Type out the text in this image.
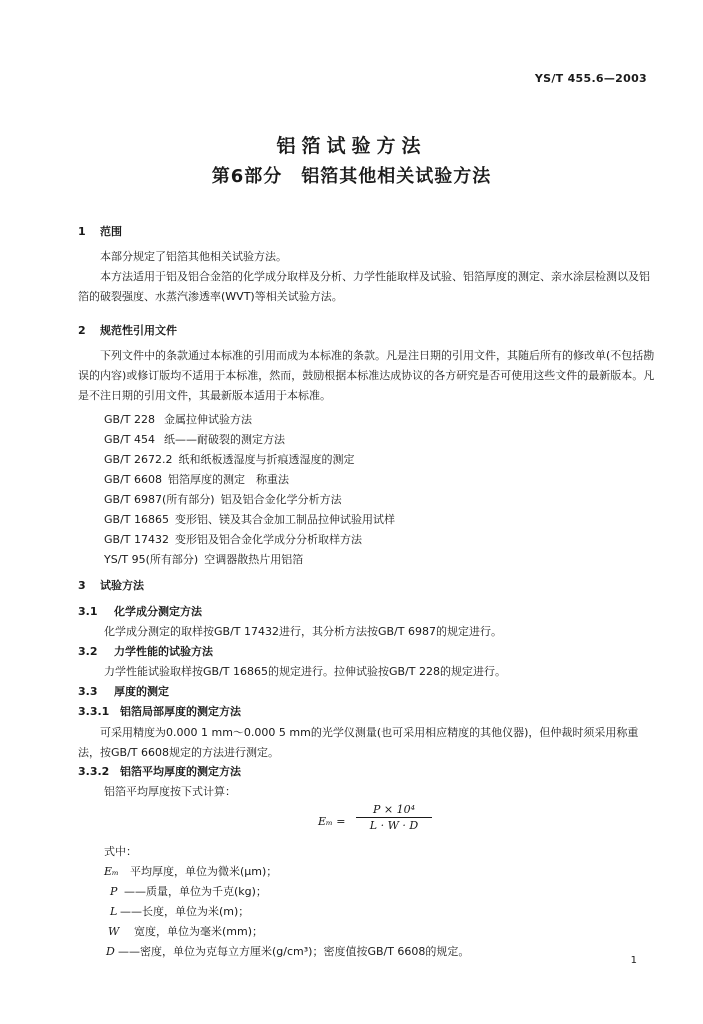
YS/T 455.6—2003
铝箔试验方法
第6部分　铝箔其他相关试验方法
1 范围

本部分规定了铝箔其他相关试验方法。

本方法适用于铝及铝合金箔的化学成分取样及分析、力学性能取样及试验、铝箔厚度的测定、亲水涂层检测以及铝箔的破裂强度、水蒸汽渗透率(WVT)等相关试验方法。

2 规范性引用文件

下列文件中的条款通过本标准的引用而成为本标准的条款。凡是注日期的引用文件，其随后所有的修改单(不包括勘误的内容)或修订版均不适用于本标准，然而，鼓励根据本标准达成协议的各方研究是否可使用这些文件的最新版本。凡是不注日期的引用文件，其最新版本适用于本标准。

GB/T 228 金属拉伸试验方法
GB/T 454 纸——耐破裂的测定方法
GB/T 2672.2 纸和纸板透湿度与折痕透湿度的测定
GB/T 6608 铝箔厚度的测定　称重法
GB/T 6987(所有部分) 铝及铝合金化学分析方法
GB/T 16865 变形铝、镁及其合金加工制品拉伸试验用试样
GB/T 17432 变形铝及铝合金化学成分分析取样方法
YS/T 95(所有部分) 空调器散热片用铝箔
3 试验方法
3.1 化学成分测定方法
化学成分测定的取样按GB/T 17432进行，其分析方法按GB/T 6987的规定进行。
3.2 力学性能的试验方法
力学性能试验取样按GB/T 16865的规定进行。拉伸试验按GB/T 228的规定进行。
3.3 厚度的测定
3.3.1 铝箔局部厚度的测定方法

可采用精度为0.000 1 mm～0.000 5 mm的光学仪测量(也可采用相应精度的其他仪器)，但仲裁时须采用称重法，按GB/T 6608规定的方法进行测定。

3.3.2 铝箔平均厚度的测定方法
铝箔平均厚度按下式计算：
$E_m = \frac{\text{P × 10⁴}}{L \cdot W \cdot D}$
式中：
Eₘ 平均厚度，单位为微米(μm)；
P ——质量，单位为千克(kg)；
L ——长度，单位为米(m)；
W 宽度，单位为毫米(mm)；
D ——密度，单位为克每立方厘米(g/cm³)；密度值按GB/T 6608的规定。
1
